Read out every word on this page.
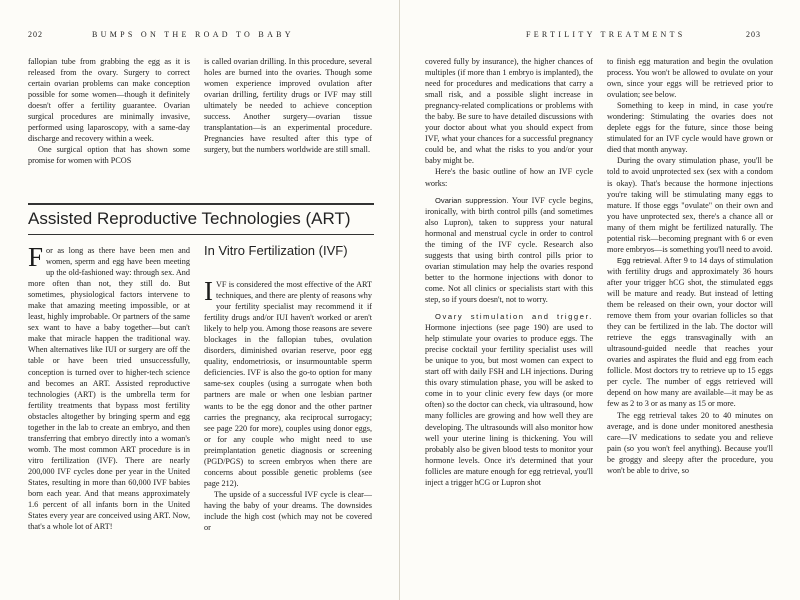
202	BUMPS ON THE ROAD TO BABY

fallopian tube from grabbing the egg as it is released from the ovary. Surgery to correct certain ovarian problems can make conception possible for some women—though it definitely doesn't offer a fertility guarantee. Ovarian surgical procedures are minimally invasive, performed using laparoscopy, with a same-day discharge and recovery within a week.

One surgical option that has shown some promise for women with PCOS

is called ovarian drilling. In this procedure, several holes are burned into the ovaries. Though some women experience improved ovulation after ovarian drilling, fertility drugs or IVF may still ultimately be needed to achieve conception success. Another surgery—ovarian tissue transplantation—is an experimental procedure. Pregnancies have resulted after this type of surgery, but the numbers worldwide are still small.

Assisted Reproductive Technologies (ART)

For as long as there have been men and women, sperm and egg have been meeting up the old-fashioned way: through sex. And more often than not, they still do. But sometimes, physiological factors intervene to make that amazing meeting impossible, or at least, highly improbable. Or partners of the same sex want to have a baby together—but can't make that miracle happen the traditional way. When alternatives like IUI or surgery are off the table or have been tried unsuccessfully, conception is turned over to higher-tech science and becomes an ART. Assisted reproductive technologies (ART) is the umbrella term for fertility treatments that bypass most fertility obstacles altogether by bringing sperm and egg together in the lab to create an embryo, and then transferring that embryo directly into a woman's womb. The most common ART procedure is in vitro fertilization (IVF). There are nearly 200,000 IVF cycles done per year in the United States, resulting in more than 60,000 IVF babies born each year. And that means approximately 1.6 percent of all infants born in the United States every year are conceived using ART. Now, that's a whole lot of ART!

In Vitro Fertilization (IVF)

IVF is considered the most effective of the ART techniques, and there are plenty of reasons why your fertility specialist may recommend it if fertility drugs and/or IUI haven't worked or aren't likely to help you. Among those reasons are severe blockages in the fallopian tubes, ovulation disorders, diminished ovarian reserve, poor egg quality, endometriosis, or insurmountable sperm deficiencies. IVF is also the go-to option for many same-sex couples (using a surrogate when both partners are male or when one lesbian partner wants to be the egg donor and the other partner carries the pregnancy, aka reciprocal surrogacy; see page 220 for more), couples using donor eggs, or for any couple who might need to use preimplantation genetic diagnosis or screening (PGD/PGS) to screen embryos when there are concerns about possible genetic problems (see page 212).

The upside of a successful IVF cycle is clear—having the baby of your dreams. The downsides include the high cost (which may not be covered or

FERTILITY TREATMENTS	203

covered fully by insurance), the higher chances of multiples (if more than 1 embryo is implanted), the need for procedures and medications that carry a small risk, and a possible slight increase in pregnancy-related complications or problems with the baby. Be sure to have detailed discussions with your doctor about what you should expect from IVF, what your chances for a successful pregnancy could be, and what the risks to you and/or your baby might be.

Here's the basic outline of how an IVF cycle works:

Ovarian suppression. Your IVF cycle begins, ironically, with birth control pills (and sometimes also Lupron), taken to suppress your natural hormonal and menstrual cycle in order to control the timing of the IVF cycle. Research also suggests that using birth control pills prior to ovarian stimulation may help the ovaries respond better to the hormone injections with donor to come. Not all clinics or specialists start with this step, so if yours doesn't, not to worry.

Ovary stimulation and trigger. Hormone injections (see page 190) are used to help stimulate your ovaries to produce eggs. The precise cocktail your fertility specialist uses will be unique to you, but most women can expect to start off with daily FSH and LH injections. During this ovary stimulation phase, you will be asked to come in to your clinic every few days (or more often) so the doctor can check, via ultrasound, how many follicles are growing and how well they are developing. The ultrasounds will also monitor how well your uterine lining is thickening. You will probably also be given blood tests to monitor your hormone levels. Once it's determined that your follicles are mature enough for egg retrieval, you'll inject a trigger hCG or Lupron shot

to finish egg maturation and begin the ovulation process. You won't be allowed to ovulate on your own, since your eggs will be retrieved prior to ovulation; see below.

Something to keep in mind, in case you're wondering: Stimulating the ovaries does not deplete eggs for the future, since those being stimulated for an IVF cycle would have grown or died that month anyway.

During the ovary stimulation phase, you'll be told to avoid unprotected sex (sex with a condom is okay). That's because the hormone injections you're taking will be stimulating many eggs to mature. If those eggs "ovulate" on their own and you have unprotected sex, there's a chance all or many of them might be fertilized naturally. The potential risk—becoming pregnant with 6 or even more embryos—is something you'll need to avoid.

Egg retrieval. After 9 to 14 days of stimulation with fertility drugs and approximately 36 hours after your trigger hCG shot, the stimulated eggs will be mature and ready. But instead of letting them be released on their own, your doctor will remove them from your ovarian follicles so that they can be fertilized in the lab. The doctor will retrieve the eggs transvaginally with an ultrasound-guided needle that reaches your ovaries and aspirates the fluid and egg from each follicle. Most doctors try to retrieve up to 15 eggs per cycle. The number of eggs retrieved will depend on how many are available—it may be as few as 2 to 3 or as many as 15 or more.

The egg retrieval takes 20 to 40 minutes on average, and is done under monitored anesthesia care—IV medications to sedate you and relieve pain (so you won't feel anything). Because you'll be groggy and sleepy after the procedure, you won't be able to drive, so
